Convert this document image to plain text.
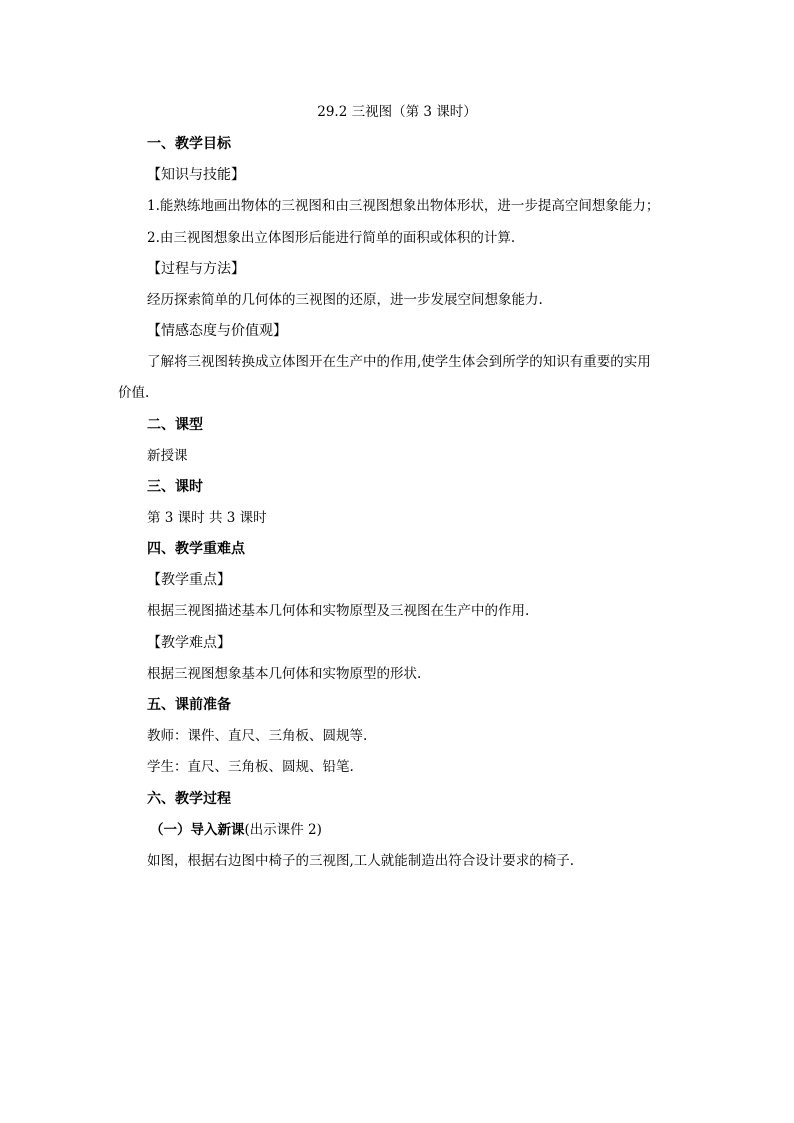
29.2 三视图（第 3 课时）
一、教学目标
【知识与技能】
1.能熟练地画出物体的三视图和由三视图想象出物体形状，进一步提高空间想象能力；
2.由三视图想象出立体图形后能进行简单的面积或体积的计算.
【过程与方法】
经历探索简单的几何体的三视图的还原，进一步发展空间想象能力.
【情感态度与价值观】
了解将三视图转换成立体图开在生产中的作用,使学生体会到所学的知识有重要的实用
价值.
二、课型
新授课
三、课时
第 3 课时 共 3 课时
四、教学重难点
【教学重点】
根据三视图描述基本几何体和实物原型及三视图在生产中的作用.
【教学难点】
根据三视图想象基本几何体和实物原型的形状.
五、课前准备
教师：课件、直尺、三角板、圆规等.
学生：直尺、三角板、圆规、铅笔.
六、教学过程
（一）导入新课(出示课件 2)
如图，根据右边图中椅子的三视图,工人就能制造出符合设计要求的椅子.
